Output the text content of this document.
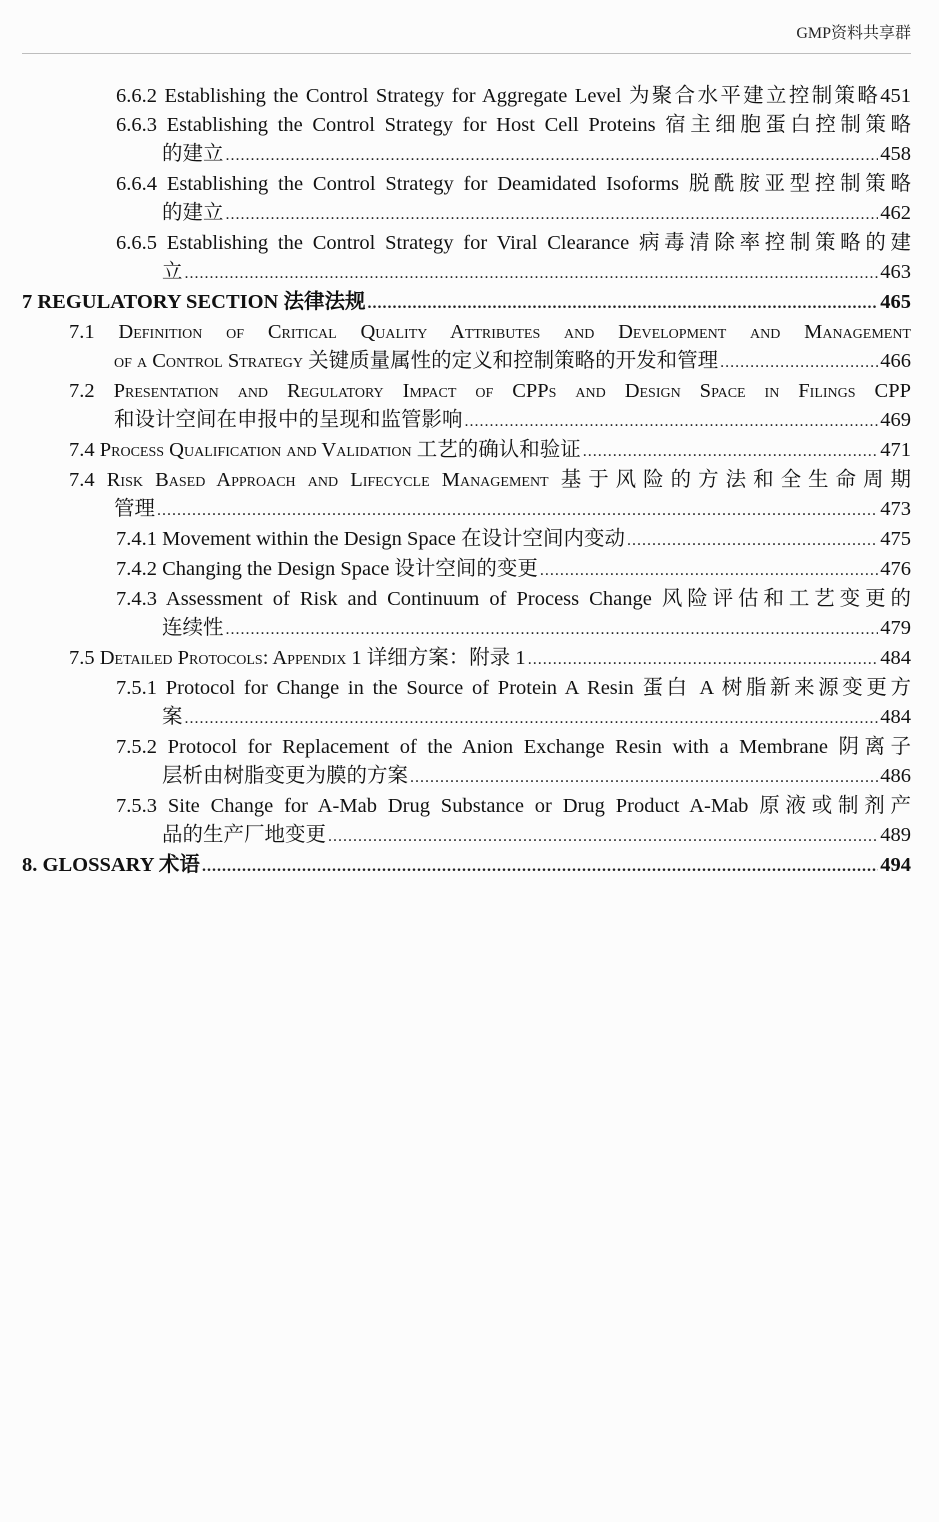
GMP资料共享群
6.6.2 Establishing the Control Strategy for Aggregate Level 为聚合水平建立控制策略451
6.6.3 Establishing the Control Strategy for Host Cell Proteins 宿主细胞蛋白控制策略
的建立 .....	458
6.6.4 Establishing the Control Strategy for Deamidated Isoforms 脱酰胺亚型控制策略
的建立 .....	462
6.6.5 Establishing the Control Strategy for Viral Clearance 病毒清除率控制策略的建
立 .....	463
7 REGULATORY SECTION 法律法规 .....	465
7.1 Definition of Critical Quality Attributes and Development and Management
of a Control Strategy 关键质量属性的定义和控制策略的开发和管理 .....	466
7.2 Presentation and Regulatory Impact of CPPs and Design Space in Filings CPP
和设计空间在申报中的呈现和监管影响 .....	469
7.4 Process Qualification and Validation 工艺的确认和验证 .....	471
7.4 Risk Based Approach and Lifecycle Management 基于风险的方法和全生命周期
管理 .....	473
7.4.1 Movement within the Design Space 在设计空间内变动 .....	475
7.4.2 Changing the Design Space 设计空间的变更 .....	476
7.4.3 Assessment of Risk and Continuum of Process Change 风险评估和工艺变更的
连续性 .....	479
7.5 Detailed Protocols: Appendix 1 详细方案：附录 1 .....	484
7.5.1 Protocol for Change in the Source of Protein A Resin 蛋白 A 树脂新来源变更方
案 .....	484
7.5.2 Protocol for Replacement of the Anion Exchange Resin with a Membrane 阴离子
层析由树脂变更为膜的方案 .....	486
7.5.3 Site Change for A-Mab Drug Substance or Drug Product A-Mab 原液或制剂产
品的生产厂地变更 .....	489
8. GLOSSARY 术语 .....	494
